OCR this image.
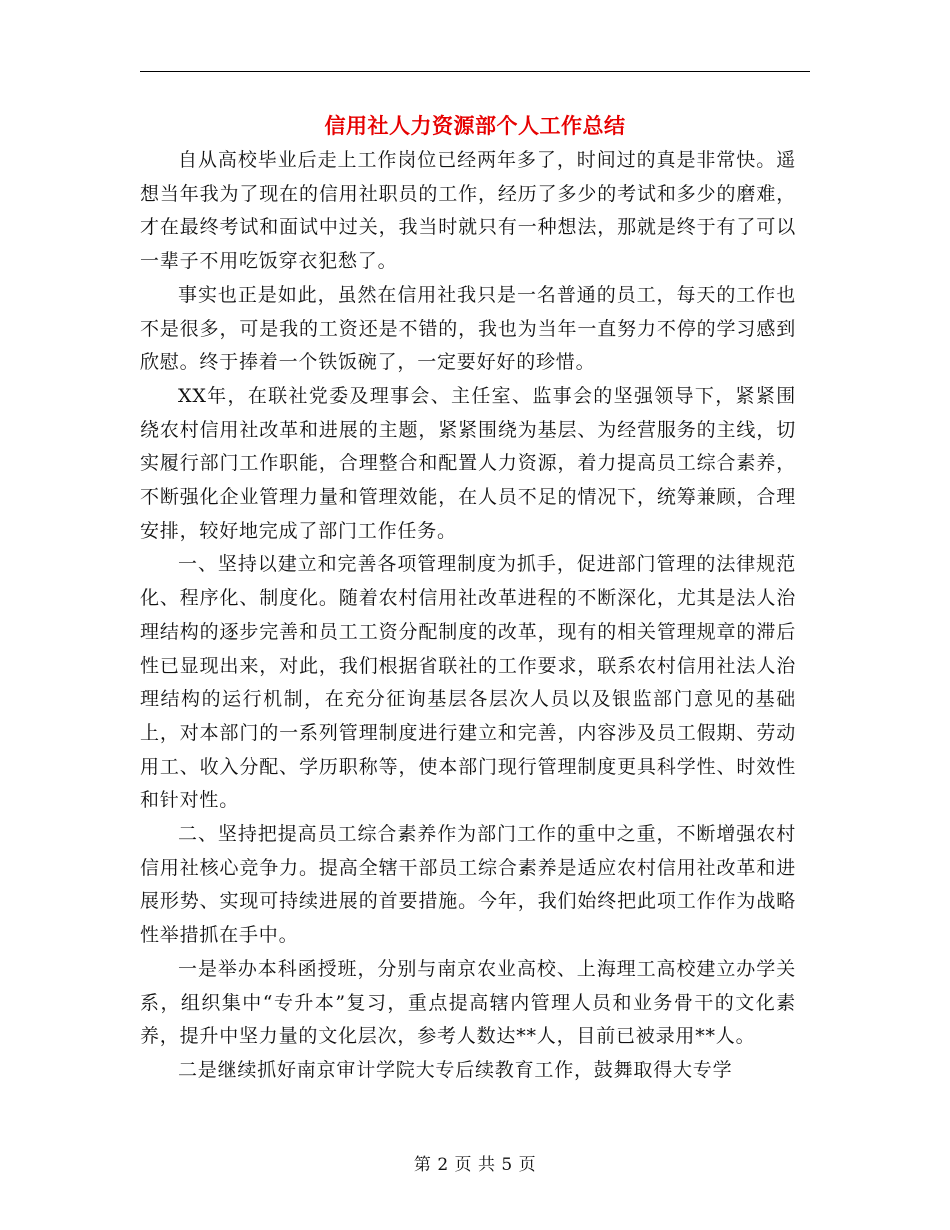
信用社人力资源部个人工作总结

自从高校毕业后走上工作岗位已经两年多了，时间过的真是非常快。遥想当年我为了现在的信用社职员的工作，经历了多少的考试和多少的磨难，才在最终考试和面试中过关，我当时就只有一种想法，那就是终于有了可以一辈子不用吃饭穿衣犯愁了。

事实也正是如此，虽然在信用社我只是一名普通的员工，每天的工作也不是很多，可是我的工资还是不错的，我也为当年一直努力不停的学习感到欣慰。终于捧着一个铁饭碗了，一定要好好的珍惜。

XX年，在联社党委及理事会、主任室、监事会的坚强领导下，紧紧围绕农村信用社改革和进展的主题，紧紧围绕为基层、为经营服务的主线，切实履行部门工作职能，合理整合和配置人力资源，着力提高员工综合素养，不断强化企业管理力量和管理效能，在人员不足的情况下，统筹兼顾，合理安排，较好地完成了部门工作任务。

一、坚持以建立和完善各项管理制度为抓手，促进部门管理的法律规范化、程序化、制度化。随着农村信用社改革进程的不断深化，尤其是法人治理结构的逐步完善和员工工资分配制度的改革，现有的相关管理规章的滞后性已显现出来，对此，我们根据省联社的工作要求，联系农村信用社法人治理结构的运行机制，在充分征询基层各层次人员以及银监部门意见的基础上，对本部门的一系列管理制度进行建立和完善，内容涉及员工假期、劳动用工、收入分配、学历职称等，使本部门现行管理制度更具科学性、时效性和针对性。

二、坚持把提高员工综合素养作为部门工作的重中之重，不断增强农村信用社核心竞争力。提高全辖干部员工综合素养是适应农村信用社改革和进展形势、实现可持续进展的首要措施。今年，我们始终把此项工作作为战略性举措抓在手中。

一是举办本科函授班，分别与南京农业高校、上海理工高校建立办学关系，组织集中“专升本”复习，重点提高辖内管理人员和业务骨干的文化素养，提升中坚力量的文化层次，参考人数达**人，目前已被录用**人。

二是继续抓好南京审计学院大专后续教育工作，鼓舞取得大专学

第 2 页 共 5 页
